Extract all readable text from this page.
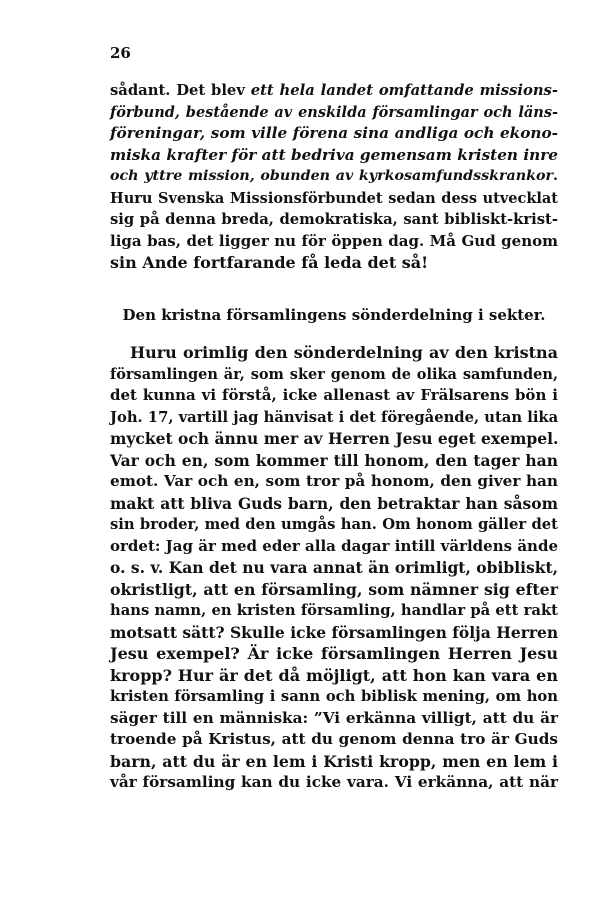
26

sådant. Det blev ett hela landet omfattande missions-
förbund, bestående av enskilda församlingar och läns-
föreningar, som ville förena sina andliga och ekono-
miska krafter för att bedriva gemensam kristen inre
och yttre mission, obunden av kyrkosamfundsskrankor.
Huru Svenska Missionsförbundet sedan dess utvecklat
sig på denna breda, demokratiska, sant bibliskt-krist-
liga bas, det ligger nu för öppen dag. Må Gud genom
sin Ande fortfarande få leda det så!
Den kristna församlingens sönderdelning i sekter.
Huru orimlig den sönderdelning av den kristna
församlingen är, som sker genom de olika samfunden,
det kunna vi förstå, icke allenast av Frälsarens bön i
Joh. 17, vartill jag hänvisat i det föregående, utan lika
mycket och ännu mer av Herren Jesu eget exempel.
Var och en, som kommer till honom, den tager han
emot. Var och en, som tror på honom, den giver han
makt att bliva Guds barn, den betraktar han såsom
sin broder, med den umgås han. Om honom gäller det
ordet: Jag är med eder alla dagar intill världens ände
o. s. v. Kan det nu vara annat än orimligt, obibliskt,
okristligt, att en församling, som nämner sig efter
hans namn, en kristen församling, handlar på ett rakt
motsatt sätt? Skulle icke församlingen följa Herren
Jesu exempel? Är icke församlingen Herren Jesu
kropp? Hur är det då möjligt, att hon kan vara en
kristen församling i sann och biblisk mening, om hon
säger till en människa: ”Vi erkänna villigt, att du är
troende på Kristus, att du genom denna tro är Guds
barn, att du är en lem i Kristi kropp, men en lem i
vår församling kan du icke vara. Vi erkänna, att när
